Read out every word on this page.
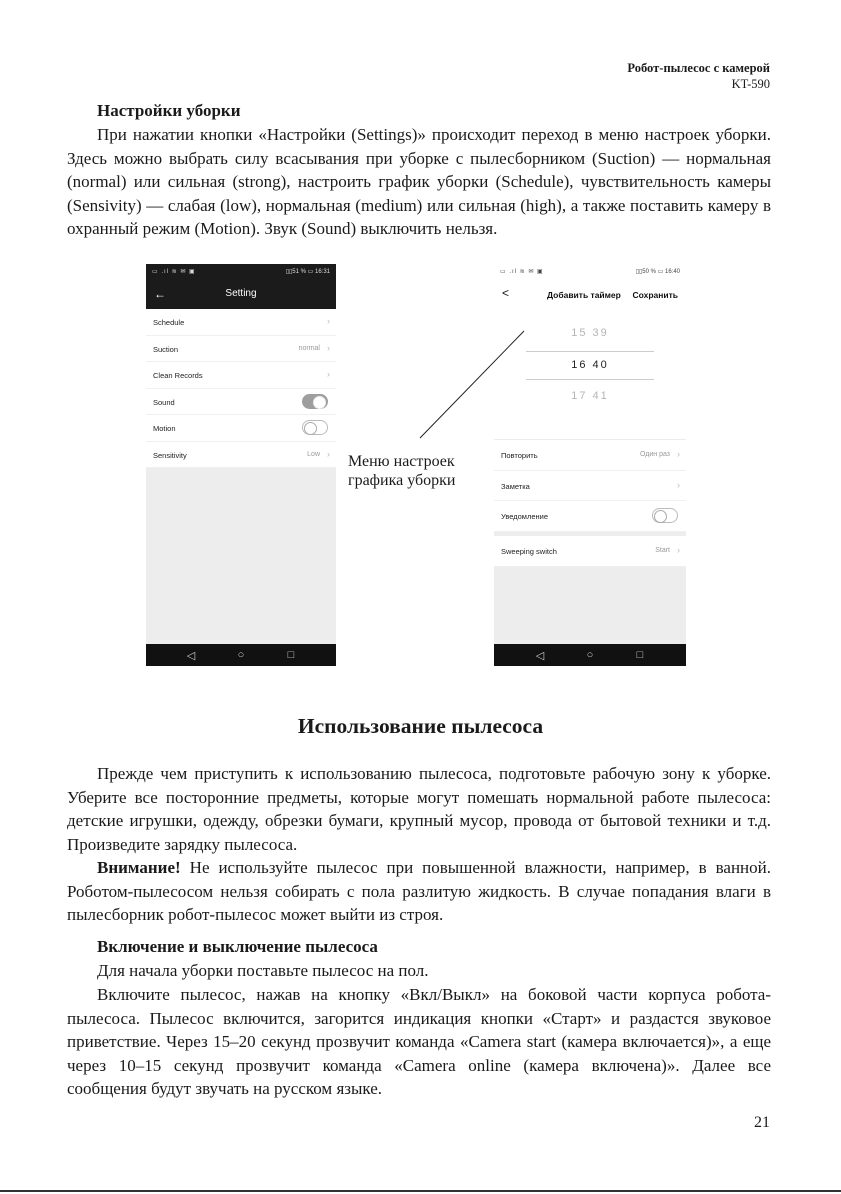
Робот-пылесос с камерой
KT-590
Настройки уборки

При нажатии кнопки «Настройки (Settings)» происходит переход в меню настроек уборки. Здесь можно выбрать силу всасывания при уборке с пылесборником (Suction) — нормальная (normal) или сильная (strong), настроить график уборки (Schedule), чувствительность камеры (Sensivity) — слабая (low), нормальная (medium) или сильная (high), а также поставить камеру в охранный режим (Motion). Звук (Sound) выключить нельзя.

▭ .ıl ≋ ✉ ▣	▯▯51 % ▭ 16:31
←	Setting
Schedule	›
Suction	normal ›
Clean Records	›
Sound
Motion
Sensitivity	Low ›
◁	○	□
▭ .ıl ≋ ✉ ▣	▯▯50 % ▭ 16:40
<	Добавить таймер Сохранить
15 39
16 40
17 41
Повторить	Один раз ›
Заметка	›
Уведомление
Sweeping switch	Start ›
◁	○	□
Меню настроек
графика уборки
Использование пылесоса

Прежде чем приступить к использованию пылесоса, подготовьте рабочую зону к уборке. Уберите все посторонние предметы, которые могут помешать нормальной работе пылесоса: детские игрушки, одежду, обрезки бумаги, крупный мусор, провода от бытовой техники и т.д. Произведите зарядку пылесоса.

Внимание! Не используйте пылесос при повышенной влажности, например, в ванной. Роботом-пылесосом нельзя собирать с пола разлитую жидкость. В случае попадания влаги в пылесборник робот-пылесос может выйти из строя.

Включение и выключение пылесоса

Для начала уборки поставьте пылесос на пол.

Включите пылесос, нажав на кнопку «Вкл/Выкл» на боковой части корпуса робота-пылесоса. Пылесос включится, загорится индикация кнопки «Старт» и раздастся звуковое приветствие. Через 15–20 секунд прозвучит команда «Camera start (камера включается)», а еще через 10–15 секунд прозвучит команда «Camera online (камера включена)». Далее все сообщения будут звучать на русском языке.

21
